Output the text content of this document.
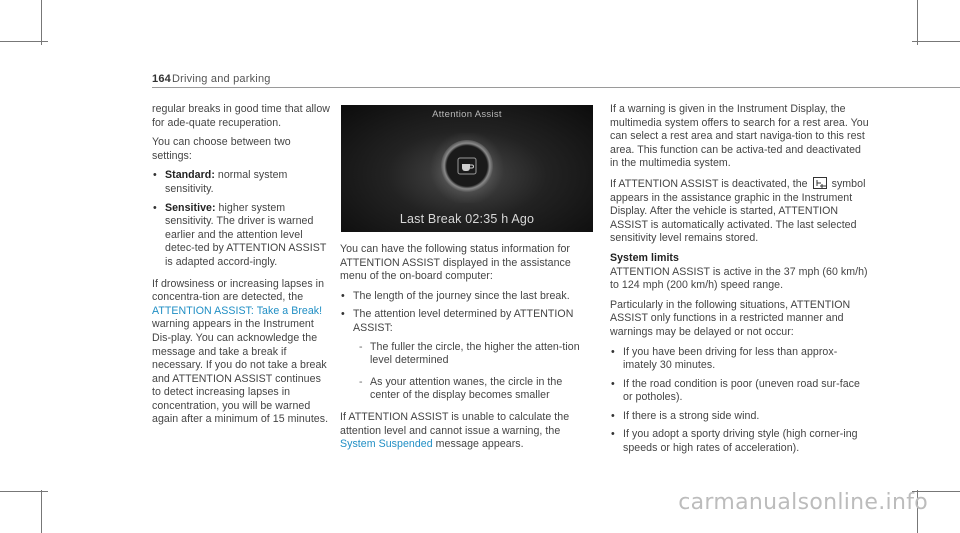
164 Driving and parking

regular breaks in good time that allow for ade-quate recuperation.

You can choose between two settings:

• Standard: normal system sensitivity.
• Sensitive: higher system sensitivity. The driver is warned earlier and the attention level detec-ted by ATTENTION ASSIST is adapted accord-ingly.

If drowsiness or increasing lapses in concentra-tion are detected, the ATTENTION ASSIST: Take a Break! warning appears in the Instrument Dis-play. You can acknowledge the message and take a break if necessary. If you do not take a break and ATTENTION ASSIST continues to detect increasing lapses in concentration, you will be warned again after a minimum of 15 minutes.

Attention Assist
Last Break 02:35 h Ago

You can have the following status information for ATTENTION ASSIST displayed in the assistance menu of the on-board computer:

• The length of the journey since the last break.
• The attention level determined by ATTENTION ASSIST:
- The fuller the circle, the higher the atten-tion level determined
- As your attention wanes, the circle in the center of the display becomes smaller

If ATTENTION ASSIST is unable to calculate the attention level and cannot issue a warning, the System Suspended message appears.

If a warning is given in the Instrument Display, the multimedia system offers to search for a rest area. You can select a rest area and start naviga-tion to this rest area. This function can be activa-ted and deactivated in the multimedia system.

If ATTENTION ASSIST is deactivated, the
symbol appears in the assistance graphic in the Instrument Display. After the vehicle is started, ATTENTION ASSIST is automatically activated. The last selected sensitivity level remains stored.

System limits

ATTENTION ASSIST is active in the 37 mph (60 km/h) to 124 mph (200 km/h) speed range.

Particularly in the following situations, ATTENTION ASSIST only functions in a restricted manner and warnings may be delayed or not occur:

• If you have been driving for less than approx-imately 30 minutes.
• If the road condition is poor (uneven road sur-face or potholes).
• If there is a strong side wind.
• If you adopt a sporty driving style (high corner-ing speeds or high rates of acceleration).
carmanualsonline.info
